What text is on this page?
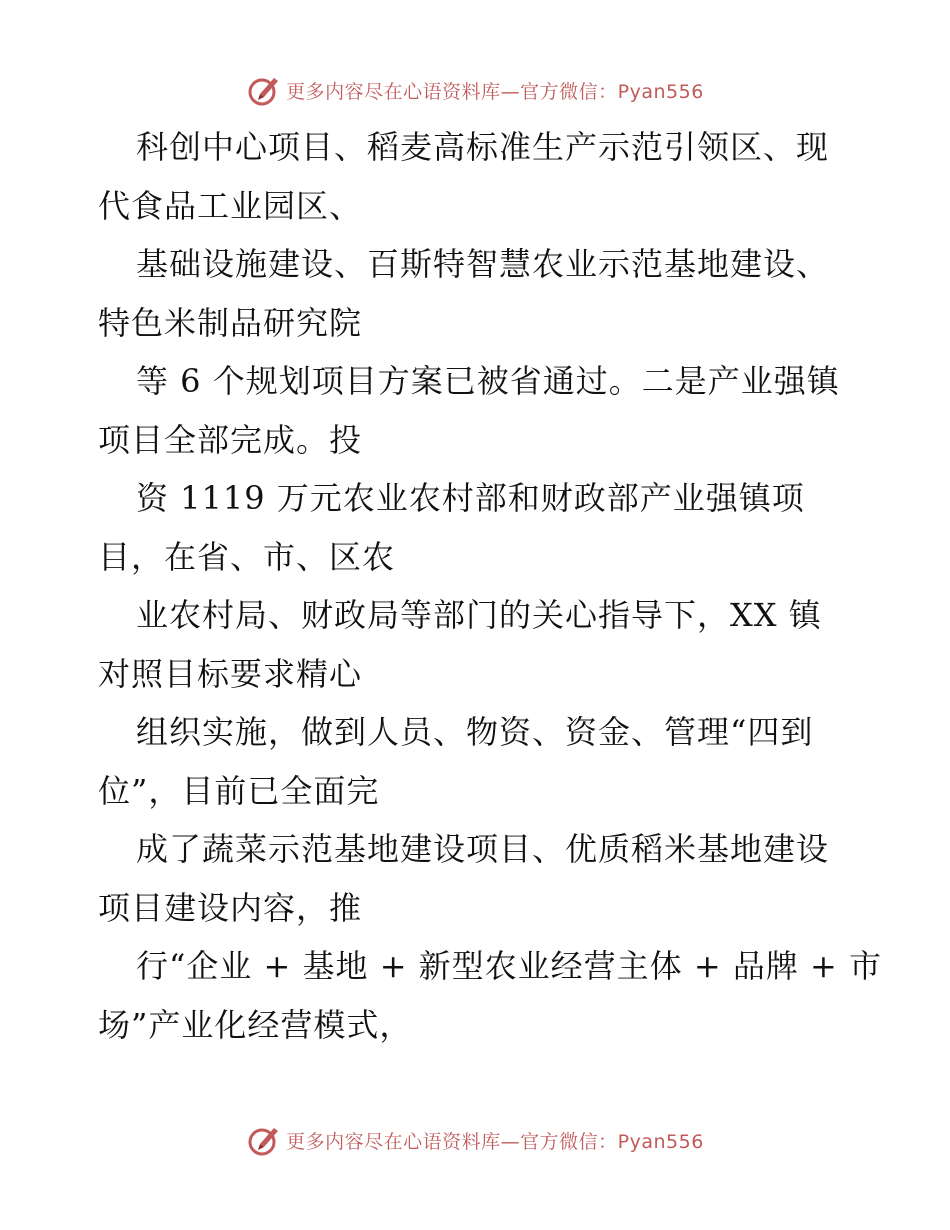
更多内容尽在心语资料库—官方微信：Pyan556
科创中心项目、稻麦高标准生产示范引领区、现
代食品工业园区、
基础设施建设、百斯特智慧农业示范基地建设、
特色米制品研究院
等 6 个规划项目方案已被省通过。二是产业强镇
项目全部完成。投
资 1119 万元农业农村部和财政部产业强镇项
目，在省、市、区农
业农村局、财政局等部门的关心指导下，XX 镇
对照目标要求精心
组织实施，做到人员、物资、资金、管理“四到
位”，目前已全面完
成了蔬菜示范基地建设项目、优质稻米基地建设
项目建设内容，推
行“企业 + 基地 + 新型农业经营主体 + 品牌 + 市
场”产业化经营模式，
更多内容尽在心语资料库—官方微信：Pyan556
